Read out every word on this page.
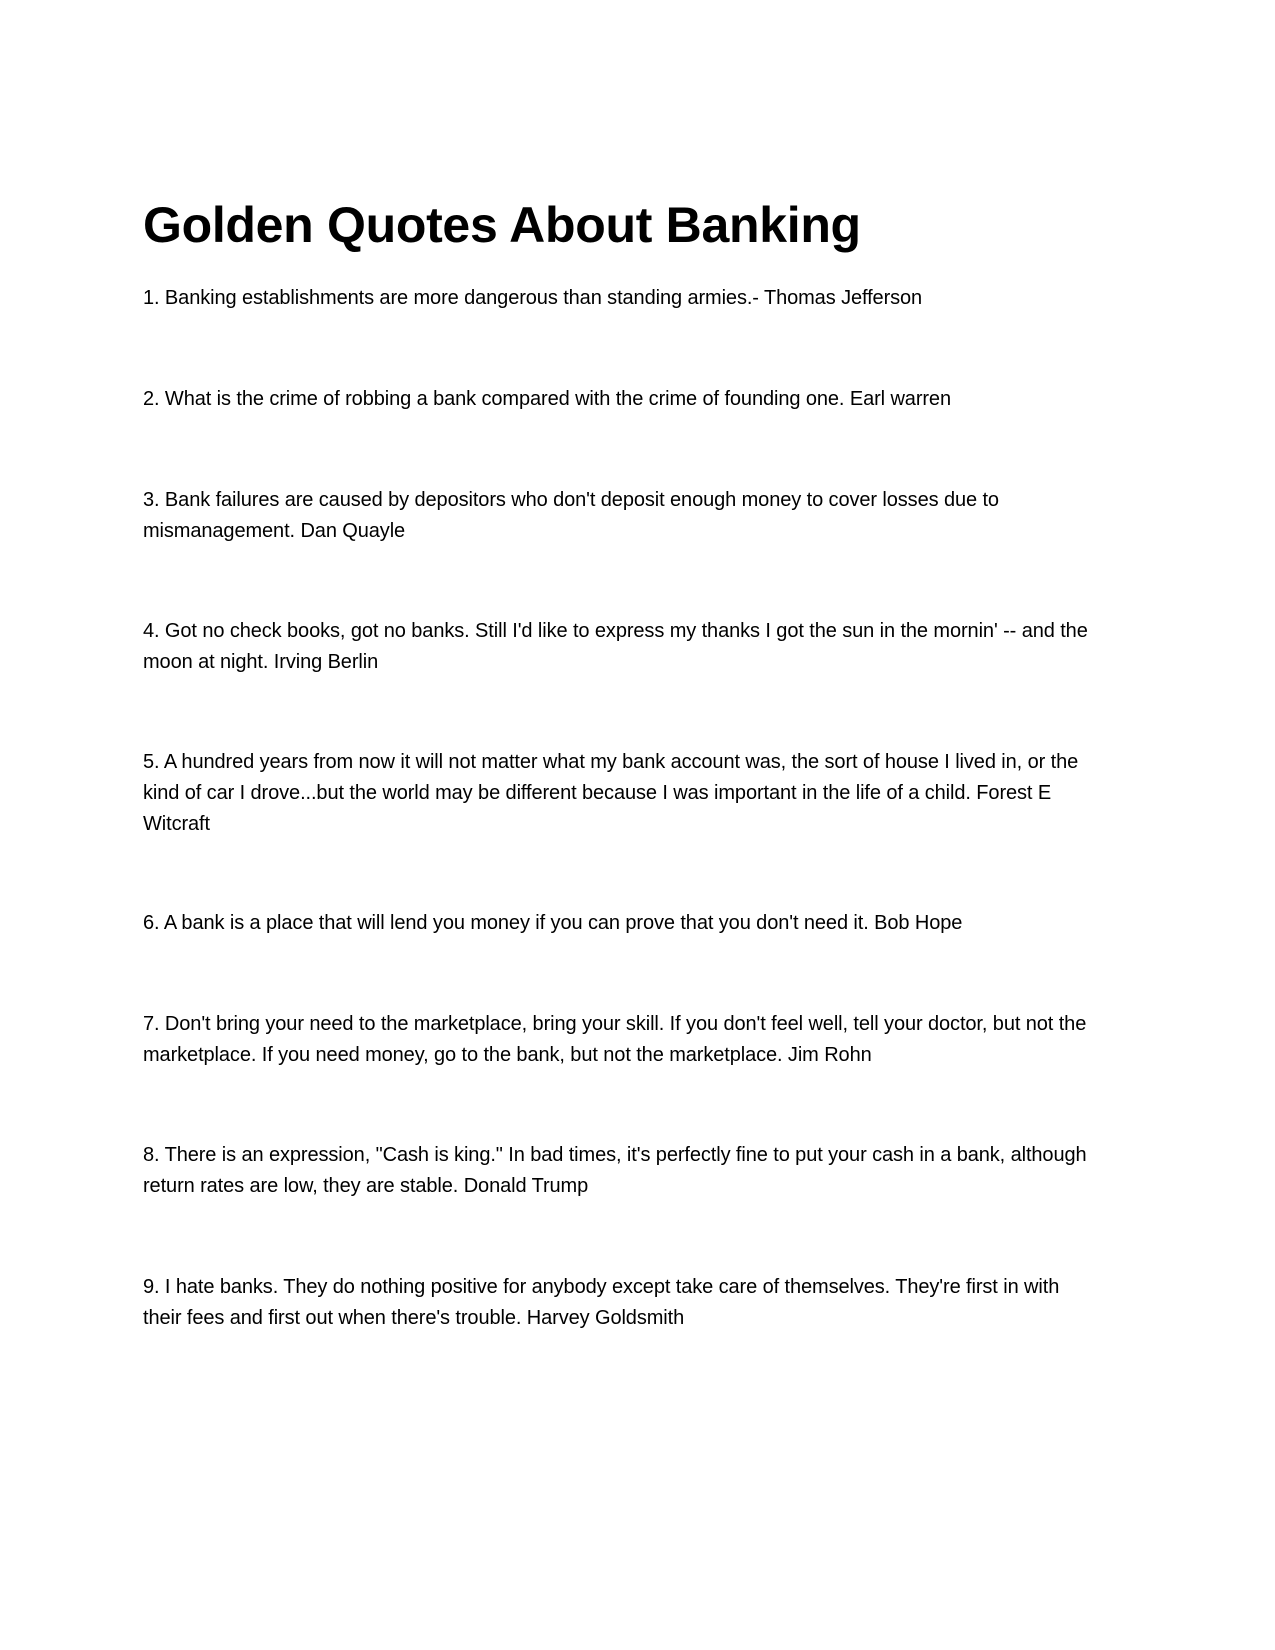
Golden Quotes About Banking

1. Banking establishments are more dangerous than standing armies.- Thomas Jefferson

2. What is the crime of robbing a bank compared with the crime of founding one. Earl warren

3. Bank failures are caused by depositors who don't deposit enough money to cover losses due to mismanagement. Dan Quayle

4. Got no check books, got no banks. Still I'd like to express my thanks I got the sun in the mornin' -- and the moon at night. Irving Berlin

5. A hundred years from now it will not matter what my bank account was, the sort of house I lived in, or the kind of car I drove...but the world may be different because I was important in the life of a child. Forest E Witcraft

6. A bank is a place that will lend you money if you can prove that you don't need it. Bob Hope

7. Don't bring your need to the marketplace, bring your skill. If you don't feel well, tell your doctor, but not the marketplace. If you need money, go to the bank, but not the marketplace. Jim Rohn

8. There is an expression, "Cash is king." In bad times, it's perfectly fine to put your cash in a bank, although return rates are low, they are stable. Donald Trump

9. I hate banks. They do nothing positive for anybody except take care of themselves. They're first in with their fees and first out when there's trouble. Harvey Goldsmith
